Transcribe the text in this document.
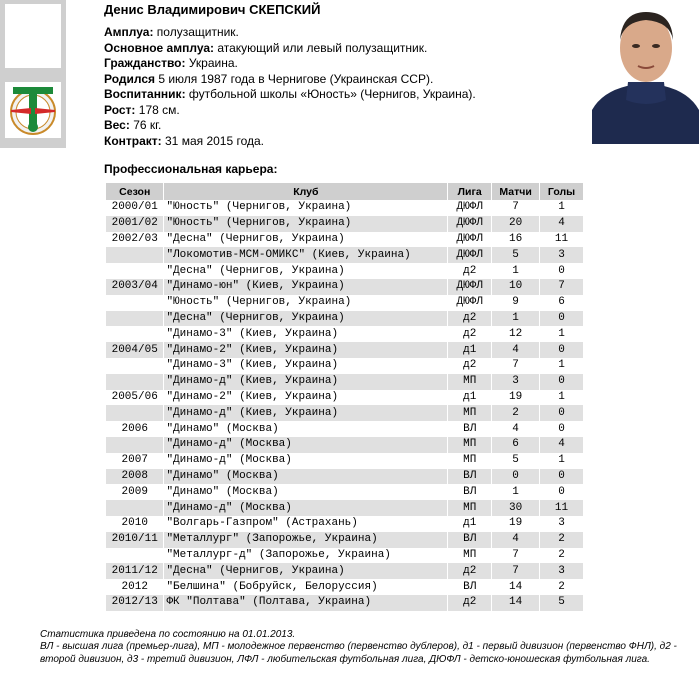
Денис Владимирович СКЕПСКИЙ
Амплуа: полузащитник.
Основное амплуа: атакующий или левый полузащитник.
Гражданство: Украина.
Родился 5 июля 1987 года в Чернигове (Украинская ССР).
Воспитанник: футбольной школы «Юность» (Чернигов, Украина).
Рост: 178 см.
Вес: 76 кг.
Контракт: 31 мая 2015 года.
Профессиональная карьера:
Сезон	Клуб	Лига	Матчи	Голы
2000/01	"Юность" (Чернигов, Украина)	ДЮФЛ	7	1
2001/02	"Юность" (Чернигов, Украина)	ДЮФЛ	20	4
2002/03	"Десна" (Чернигов, Украина)	ДЮФЛ	16	11
	"Локомотив-МСМ-ОМИКС" (Киев, Украина)	ДЮФЛ	5	3
	"Десна" (Чернигов, Украина)	д2	1	0
2003/04	"Динамо-юн" (Киев, Украина)	ДЮФЛ	10	7
	"Юность" (Чернигов, Украина)	ДЮФЛ	9	6
	"Десна" (Чернигов, Украина)	д2	1	0
	"Динамо-3" (Киев, Украина)	д2	12	1
2004/05	"Динамо-2" (Киев, Украина)	д1	4	0
	"Динамо-3" (Киев, Украина)	д2	7	1
	"Динамо-д" (Киев, Украина)	МП	3	0
2005/06	"Динамо-2" (Киев, Украина)	д1	19	1
	"Динамо-д" (Киев, Украина)	МП	2	0
2006	"Динамо" (Москва)	ВЛ	4	0
	"Динамо-д" (Москва)	МП	6	4
2007	"Динамо-д" (Москва)	МП	5	1
2008	"Динамо" (Москва)	ВЛ	0	0
2009	"Динамо" (Москва)	ВЛ	1	0
	"Динамо-д" (Москва)	МП	30	11
2010	"Волгарь-Газпром" (Астрахань)	д1	19	3
2010/11	"Металлург" (Запорожье, Украина)	ВЛ	4	2
	"Металлург-д" (Запорожье, Украина)	МП	7	2
2011/12	"Десна" (Чернигов, Украина)	д2	7	3
2012	"Белшина" (Бобруйск, Белоруссия)	ВЛ	14	2
2012/13	ФК "Полтава" (Полтава, Украина)	д2	14	5
Статистика приведена по состоянию на 01.01.2013.
ВЛ - высшая лига (премьер-лига), МП - молодежное первенство (первенство дублеров), д1 - первый дивизион (первенство ФНЛ), д2 - второй дивизион, д3 - третий дивизион, ЛФЛ - любительская футбольная лига, ДЮФЛ - детско-юношеская футбольная лига.
